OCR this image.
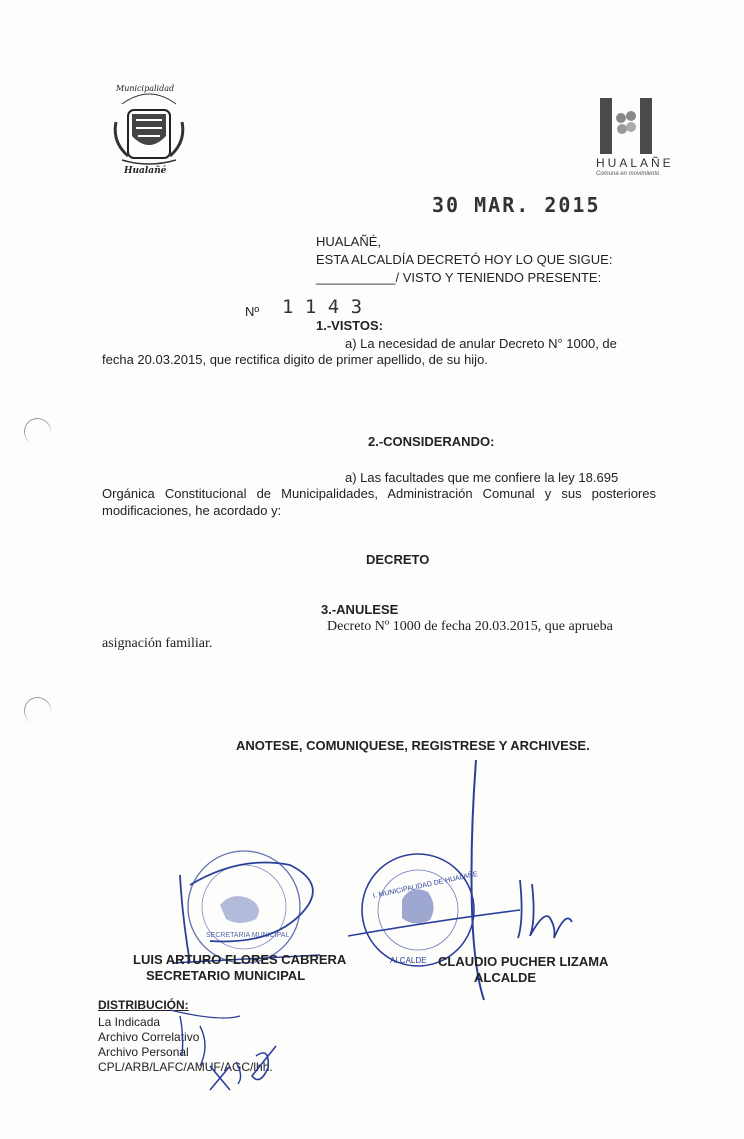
Municipalidad
Hualañé
HUALAÑE
Comuna en movimiento
30 MAR. 2015
HUALAÑÉ,
ESTA ALCALDÍA DECRETÓ HOY LO QUE SIGUE:
___________/ VISTO Y TENIENDO PRESENTE:
Nº 1 1 4 3
1.-VISTOS:
a) La necesidad de anular Decreto N° 1000, de
fecha 20.03.2015, que rectifica digito de primer apellido, de su hijo.
2.-CONSIDERANDO:
a) Las facultades que me confiere la ley 18.695
Orgánica Constitucional de Municipalidades, Administración Comunal y sus posteriores modificaciones, he acordado y:
DECRETO
3.-ANULESE
Decreto Nº 1000 de fecha 20.03.2015, que aprueba
asignación familiar.
ANOTESE, COMUNIQUESE, REGISTRESE Y ARCHIVESE.
SECRETARIA MUNICIPAL
I. MUNICIPALIDAD DE HUALAÑE
ALCALDE
LUIS ARTURO FLORES CABRERA
SECRETARIO MUNICIPAL
CLAUDIO PUCHER LIZAMA
ALCALDE
DISTRIBUCIÓN:
La Indicada
Archivo Correlativo
Archivo Personal
CPL/ARB/LAFC/AMUF/AGC/lhh.
